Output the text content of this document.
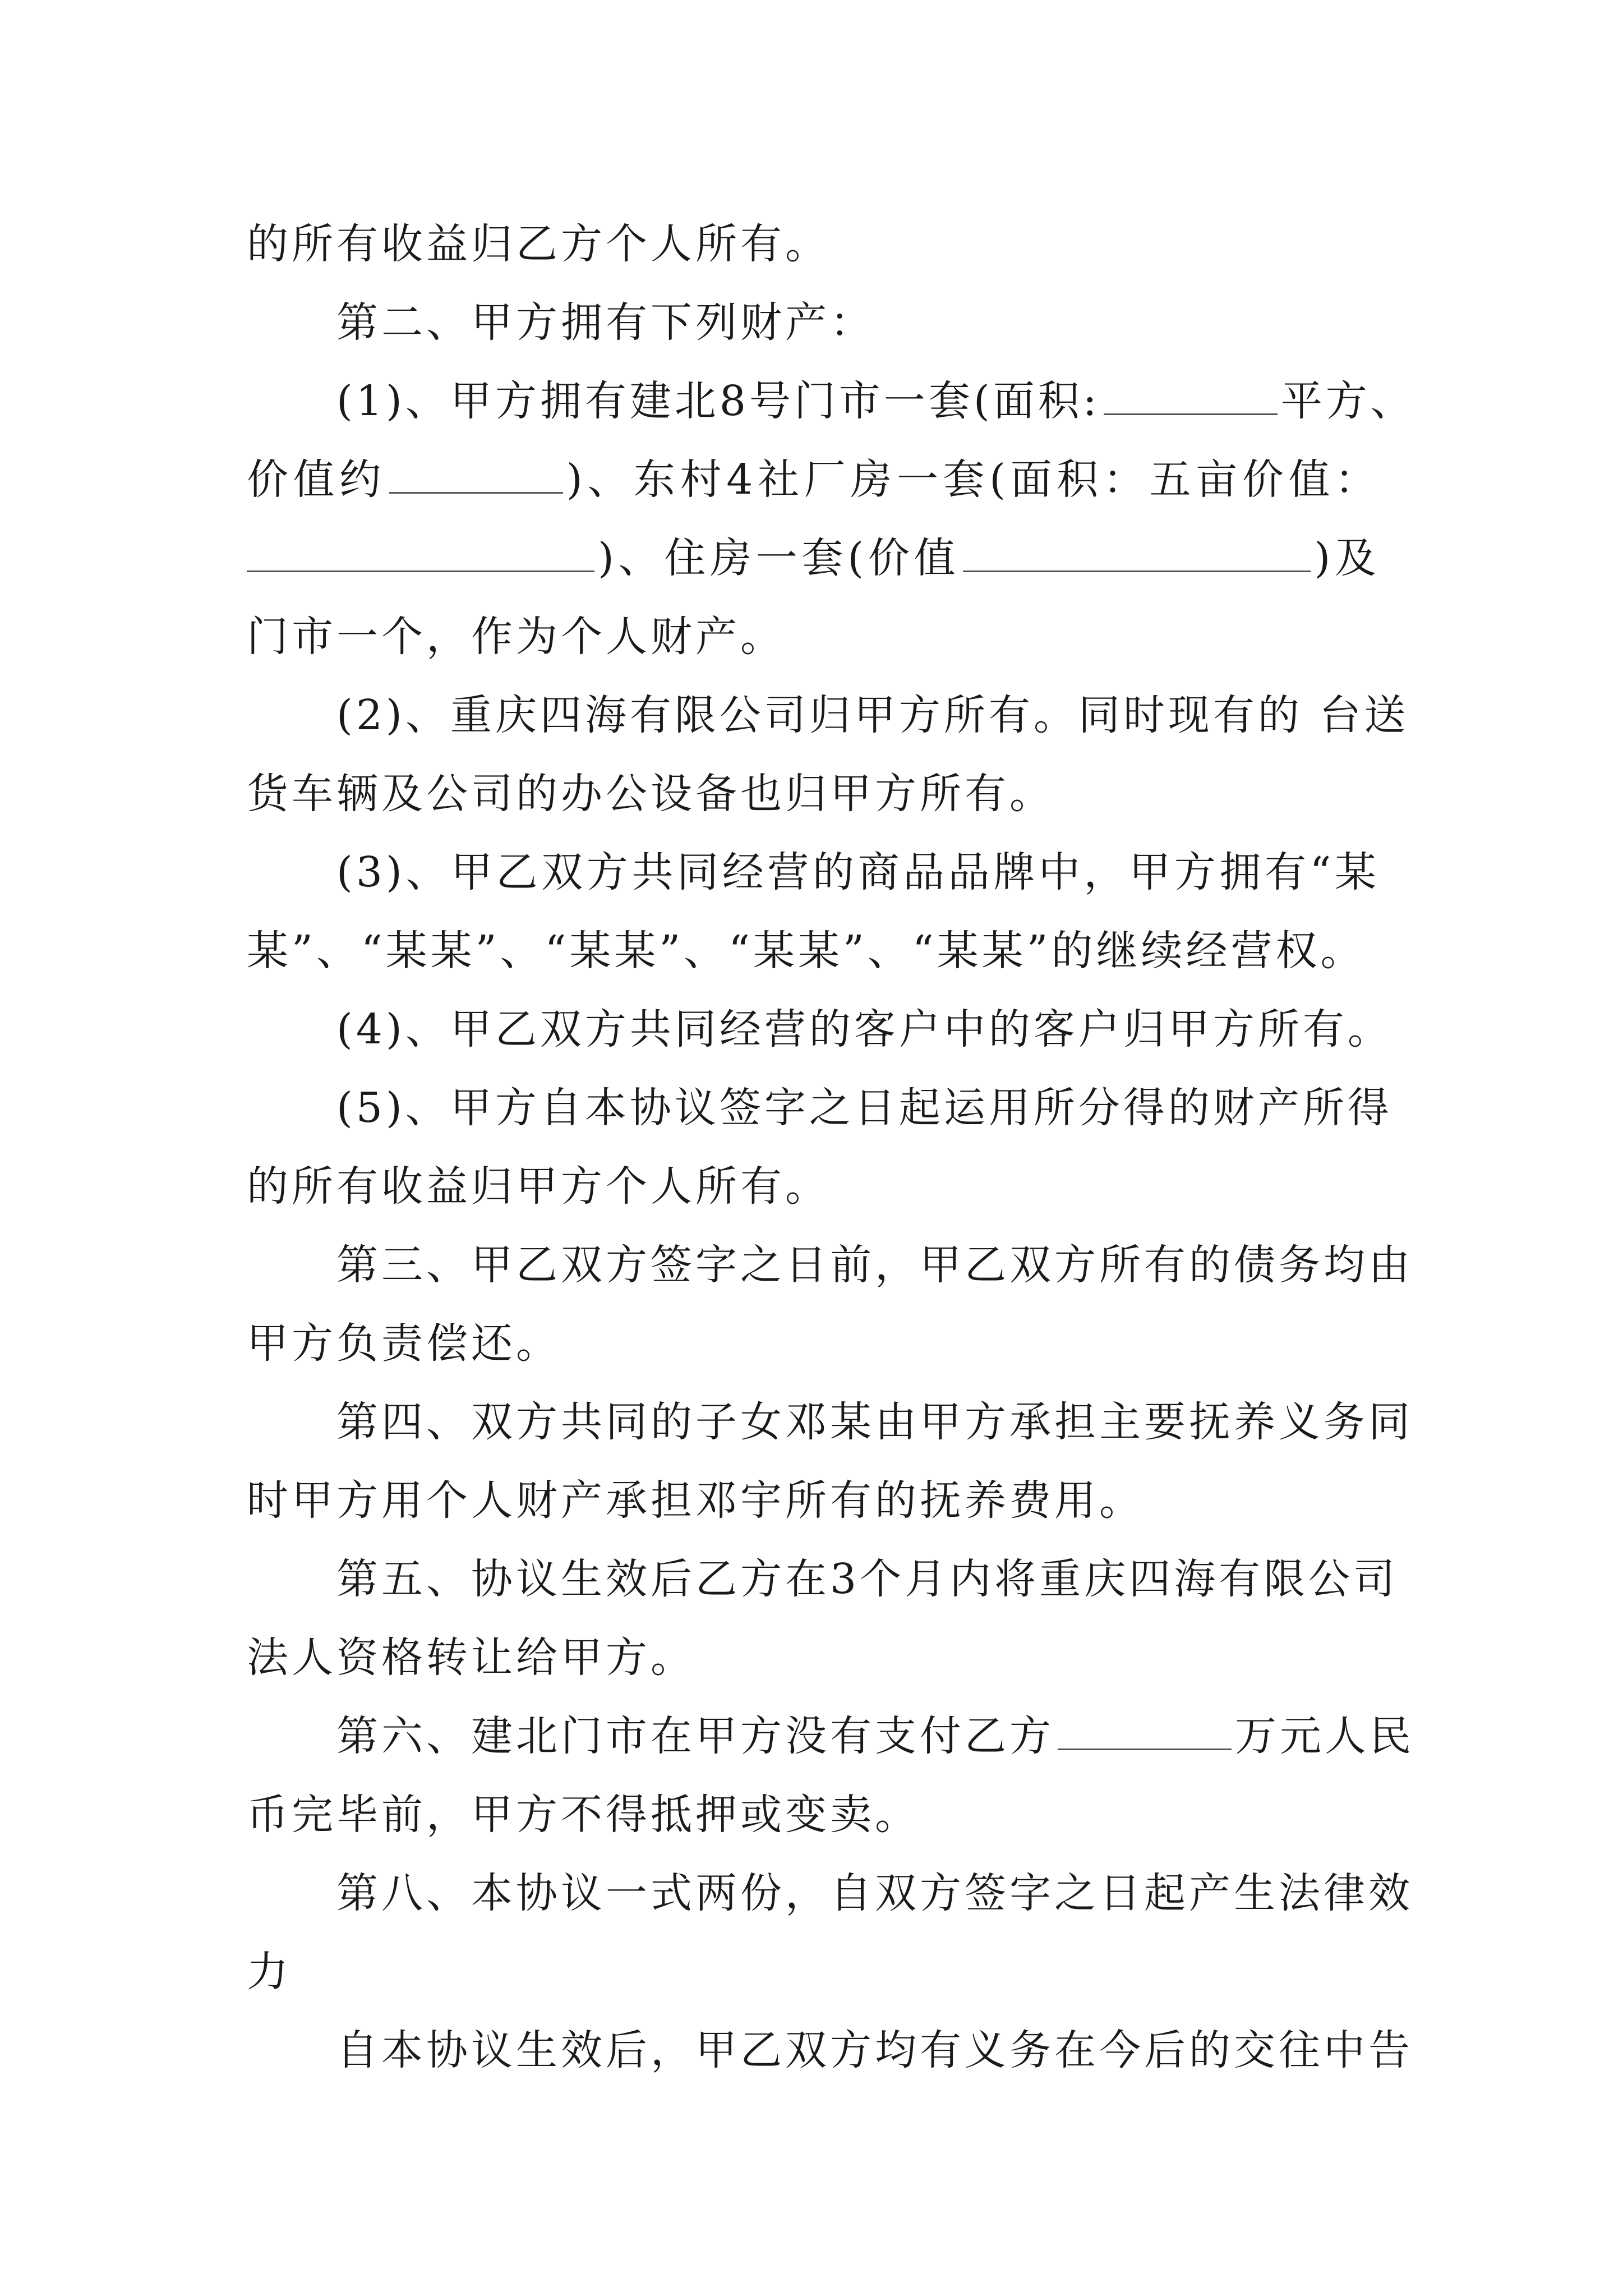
的所有收益归乙方个人所有。
第二、甲方拥有下列财产：
(1)、甲方拥有建北8号门市一套(面积:	平方、
价值约	)、东村4社厂房一套(面积：五亩价值：
)、住房一套(价值	)及
门市一个，作为个人财产。
(2)、重庆四海有限公司归甲方所有。同时现有的 台送
货车辆及公司的办公设备也归甲方所有。
(3)、甲乙双方共同经营的商品品牌中，甲方拥有“某
某”、“某某”、“某某”、“某某”、“某某”的继续经营权。
(4)、甲乙双方共同经营的客户中的客户归甲方所有。
(5)、甲方自本协议签字之日起运用所分得的财产所得
的所有收益归甲方个人所有。
第三、甲乙双方签字之日前，甲乙双方所有的债务均由
甲方负责偿还。
第四、双方共同的子女邓某由甲方承担主要抚养义务同
时甲方用个人财产承担邓宇所有的抚养费用。
第五、协议生效后乙方在3个月内将重庆四海有限公司
法人资格转让给甲方。
第六、建北门市在甲方没有支付乙方	万元人民
币完毕前，甲方不得抵押或变卖。
第八、本协议一式两份，自双方签字之日起产生法律效
力
自本协议生效后，甲乙双方均有义务在今后的交往中告
